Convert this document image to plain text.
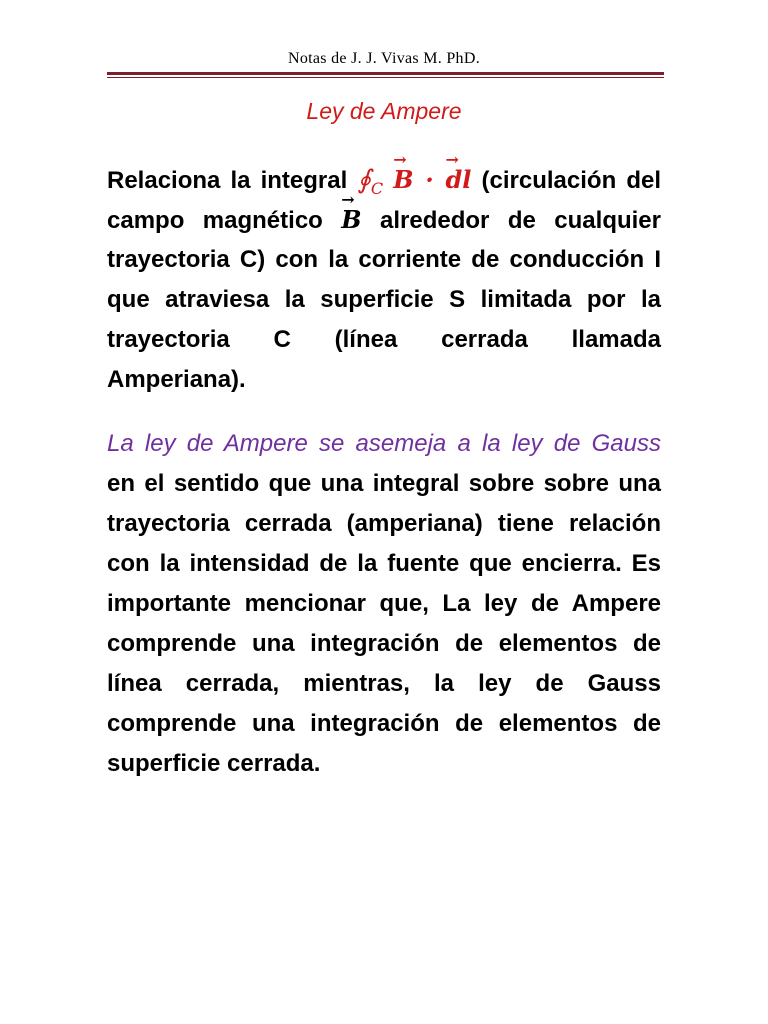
Notas de J. J. Vivas M. PhD.
Ley de Ampere
Relaciona la integral $∮_C \to B$ · → dl (circulación del
campo magnético → B alrededor de cualquier
trayectoria C) con la corriente de conducción I
que atraviesa la superficie S limitada por la
trayectoria C (línea cerrada llamada
Amperiana).
La ley de Ampere se asemeja a la ley de Gauss
en el sentido que una integral sobre sobre una
trayectoria cerrada (amperiana) tiene relación
con la intensidad de la fuente que encierra. Es
importante mencionar que, La ley de Ampere
comprende una integración de elementos de
línea cerrada, mientras, la ley de Gauss
comprende una integración de elementos de
superficie cerrada.
